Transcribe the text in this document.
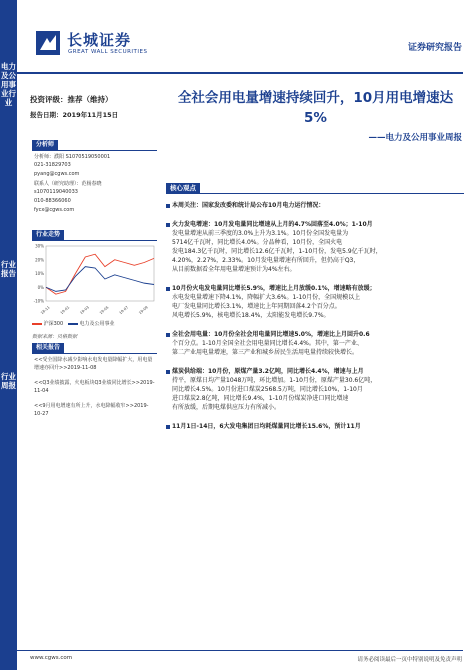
电力及公用事业行业
行业报告
行业周报
长城证券
GREAT WALL SECURITIES	证券研究报告
投资评级：推荐（维持）
报告日期：2019年11月15日
分析师
分析师：濮阳 S1070519050001
021-31829703
pyang@cgws.com
联系人（研究助理）：范杨春晓
s1070119040033
010-88366060
fycx@cgws.com
行业走势
-10%
0%
10%
20%
30%
18-11	19-01	19-03	19-05	19-07	19-09
沪深300	电力及公用事业
数据来源：贝格数据
相关报告
<<受全国降水减少影响水电发电量降幅扩大，用电量增速亦回升>>2019-11-08
<<Q3业绩披露，火电板块Q3业绩同比增长>>2019-11-04
<<9月用电增速有所上升，水电降幅收窄>>2019-10-27
全社会用电量增速持续回升，10月用电增速达5%
——电力及公用事业周报
核心观点
本周关注：国家发改委和统计局公布10月电力运行情况：
火力发电增速：10月发电量同比增速从上月的4.7%回落至4.0%；1-10月
发电量增速从前三季度的3.0%上升为3.1%。10月份全国发电量为
5714亿千瓦时，同比增长4.0%。分品种看，10月份，全国火电
发电184.3亿千瓦时，同比增长12.6亿千瓦时，1-10月份，发电5.9亿千瓦时，
4.20%，2.27%，2.33%。10月发电量增速有所回升，但仍高于Q3，
从目前数据看全年用电量增速预计为4%左右。
10月份火电发电量同比增长5.9%，增速比上月放缓0.1%，增速略有放缓；
水电发电量增速下降4.1%，降幅扩大3.6%。1-10月份，全国规模以上
电厂发电量同比增长3.1%，增速比上年同期回落4.2个百分点。
风电增长5.9%，核电增长18.4%，太阳能发电增长9.7%。
全社会用电量：10月份全社会用电量同比增速5.0%，增速比上月回升0.6
个百分点。1-10月全国全社会用电量同比增长4.4%。其中，第一产业、
第二产业用电量增速，第三产业和城乡居民生活用电量持续较快增长。
煤炭供给端：10月份，原煤产量3.2亿吨，同比增长4.4%，增速与上月
持平，原煤日均产量1048万吨，环比增加。1-10月份，原煤产量30.6亿吨，
同比增长4.5%。10月份进口煤炭2568.5万吨，同比增长10%，1-10月
进口煤炭2.8亿吨，同比增长9.4%，1-10月份煤炭净进口同比增速
有所放缓，后期电煤供应压力有所减小。
11月1日-14日，6大发电集团日均耗煤量同比增长15.6%，预计11月
www.cgws.com	请务必阅读最后一页中特别说明及免责声明
